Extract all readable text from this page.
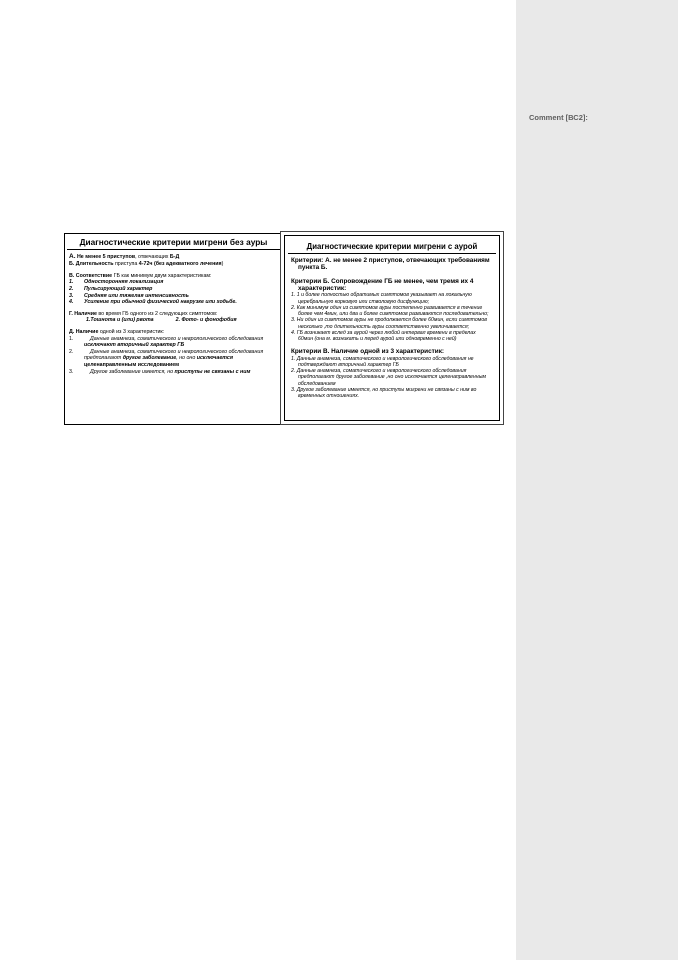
Comment [ВС2]:
Диагностические критерии мигрени без ауры
А. Не менее 5 приступов, отвечающих Б-Д
Б. Длительность приступа 4-72ч (без адекватного лечения)
В. Соответствие ГБ как минимум двум характеристикам:
1. Односторонняя локализация
2. Пульсирующий характер
3. Средняя или тяжелая интенсивность
4. Усиление при обычной физической нагрузке или ходьбе.
Г. Наличие во время ГБ одного из 2 следующих симптомов:
1.Тошнота и (или) рвота	2. Фото- и фонофобия
Д. Наличие одной из 3 характеристик:
1.	Данные анамнеза, соматического и неврологического обследования
исключают вторичный характер ГБ
2.	Данные анамнеза, соматического и неврологического обследования
предполагают другое заболевание, но оно исключается
целенаправленным исследованием
3.	Другое заболевание имеется, но приступы не связаны с ним
Диагностические критерии мигрени с аурой
Критерии: А. не менее 2 приступов, отвечающих требованиям
пункта Б.
Критерии Б. Сопровождение ГБ не менее, чем тремя их 4
характеристик:
1. 1 и более полностью обратимых симптомов указывает на локальную
церебральную корковую или стволовую дисфункцию;
2. Как минимум один из симптомов ауры постепенно развивается в течение
более чем 4мин, или два и более симптомов развиваются последовательно;
3. Ни один из симптомов ауры не продолжается более 60мин, если симптомов
несколько ,то длительность ауры соответственно увеличивается;
4. ГБ возникает вслед за аурой через любой интервал времени в пределах
60мин (она м. возникать и перед аурой или одновременно с ней)
Критерии В. Наличие одной из 3 характеристик:
1. Данные анамнеза, соматического и неврологического обследования не
подтверждают вторичный характер ГБ
2. Данные анамнеза, соматического и неврологического обследования
предполагают другое заболевание ,но оно исключается целенаправленным
обследованием
3. Другое заболевание имеется, но приступы мигрени не связаны с ним во
временных отношениях.
